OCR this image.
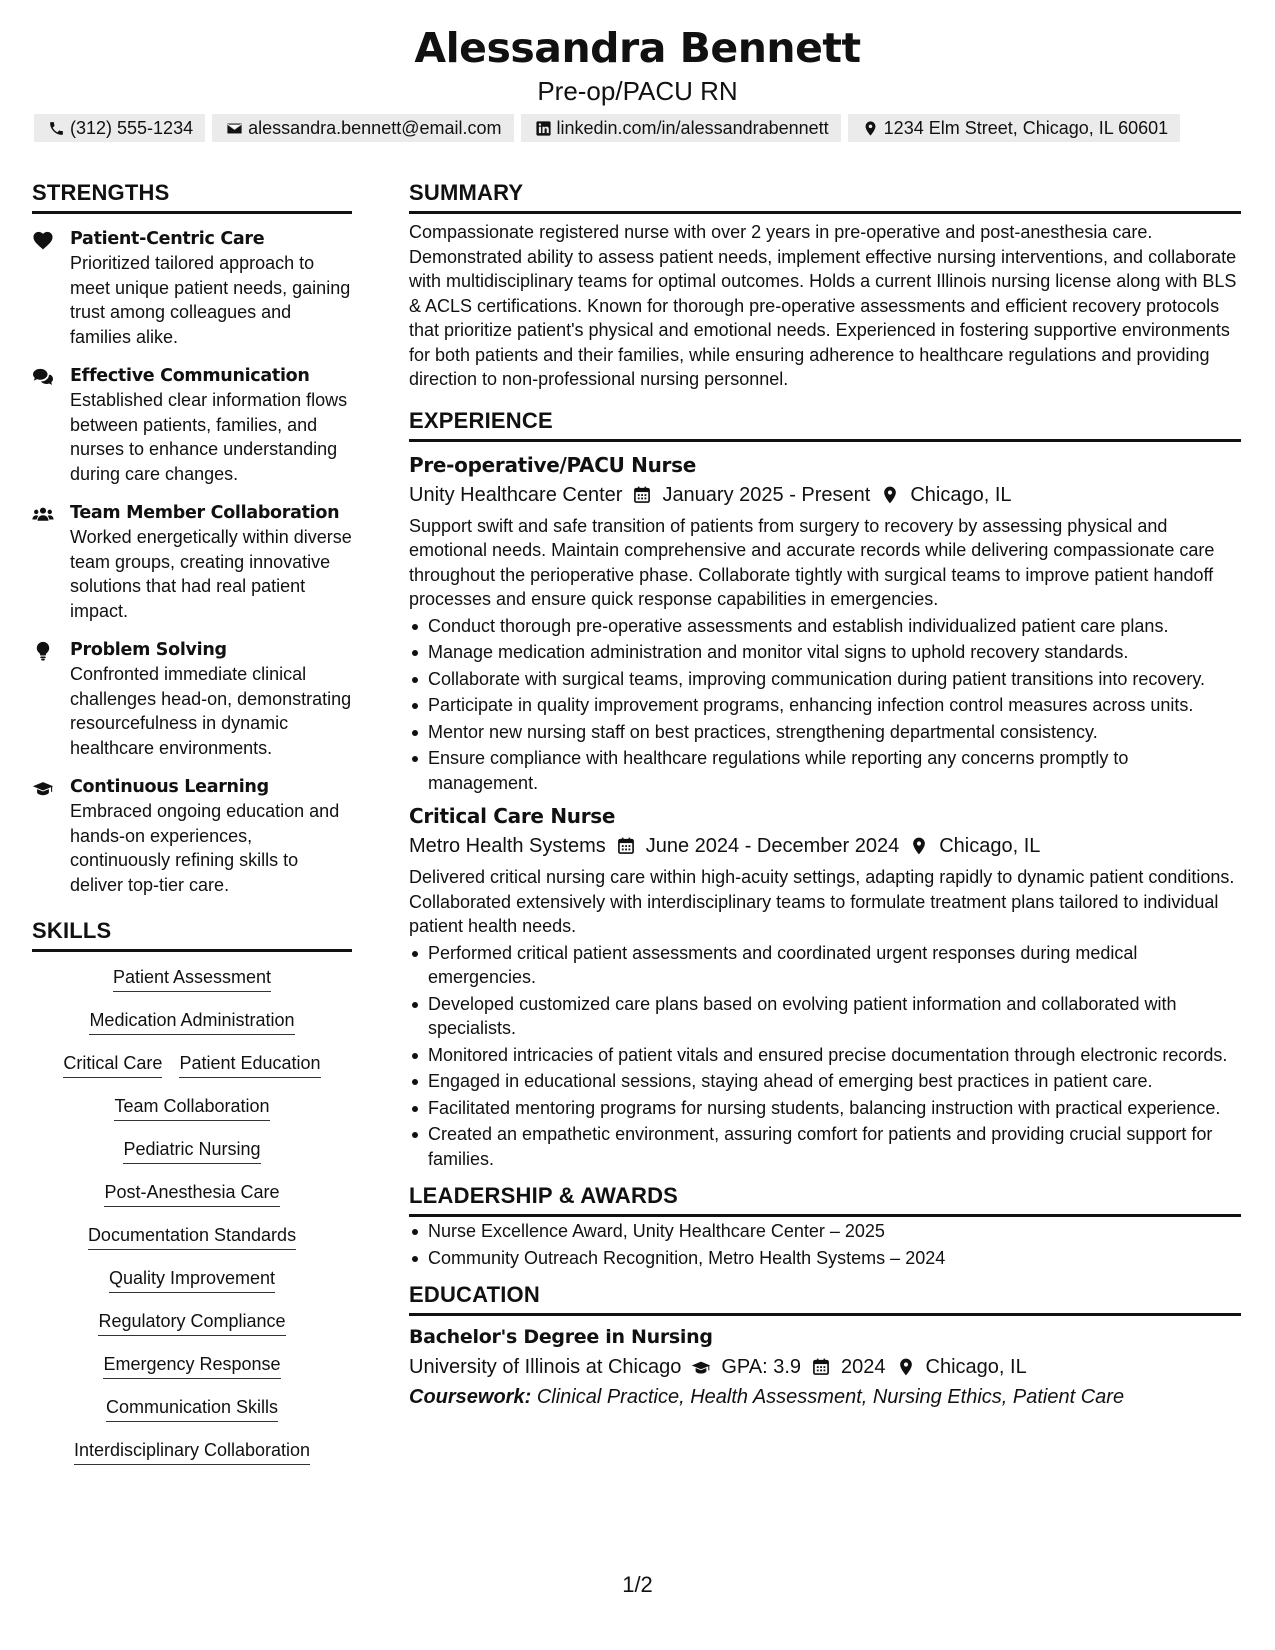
Alessandra Bennett
Pre-op/PACU RN
(312) 555-1234	alessandra.bennett@email.com	linkedin.com/in/alessandrabennett	1234 Elm Street, Chicago, IL 60601
STRENGTHS
Patient-Centric Care
Prioritized tailored approach to meet unique patient needs, gaining trust among colleagues and families alike.
Effective Communication
Established clear information flows between patients, families, and nurses to enhance understanding during care changes.
Team Member Collaboration
Worked energetically within diverse team groups, creating innovative solutions that had real patient impact.
Problem Solving
Confronted immediate clinical challenges head-on, demonstrating resourcefulness in dynamic healthcare environments.
Continuous Learning
Embraced ongoing education and hands-on experiences, continuously refining skills to deliver top-tier care.
SKILLS
Patient Assessment
Medication Administration
Critical Care Patient Education
Team Collaboration
Pediatric Nursing
Post-Anesthesia Care
Documentation Standards
Quality Improvement
Regulatory Compliance
Emergency Response
Communication Skills
Interdisciplinary Collaboration
SUMMARY
Compassionate registered nurse with over 2 years in pre-operative and post-anesthesia care. Demonstrated ability to assess patient needs, implement effective nursing interventions, and collaborate with multidisciplinary teams for optimal outcomes. Holds a current Illinois nursing license along with BLS & ACLS certifications. Known for thorough pre-operative assessments and efficient recovery protocols that prioritize patient's physical and emotional needs. Experienced in fostering supportive environments for both patients and their families, while ensuring adherence to healthcare regulations and providing direction to non-professional nursing personnel.
EXPERIENCE
Pre-operative/PACU Nurse
Unity Healthcare Center January 2025 - Present Chicago, IL
Support swift and safe transition of patients from surgery to recovery by assessing physical and emotional needs. Maintain comprehensive and accurate records while delivering compassionate care throughout the perioperative phase. Collaborate tightly with surgical teams to improve patient handoff processes and ensure quick response capabilities in emergencies.
Conduct thorough pre-operative assessments and establish individualized patient care plans.
Manage medication administration and monitor vital signs to uphold recovery standards.
Collaborate with surgical teams, improving communication during patient transitions into recovery.
Participate in quality improvement programs, enhancing infection control measures across units.
Mentor new nursing staff on best practices, strengthening departmental consistency.
Ensure compliance with healthcare regulations while reporting any concerns promptly to management.
Critical Care Nurse
Metro Health Systems June 2024 - December 2024 Chicago, IL
Delivered critical nursing care within high-acuity settings, adapting rapidly to dynamic patient conditions. Collaborated extensively with interdisciplinary teams to formulate treatment plans tailored to individual patient health needs.
Performed critical patient assessments and coordinated urgent responses during medical emergencies.
Developed customized care plans based on evolving patient information and collaborated with specialists.
Monitored intricacies of patient vitals and ensured precise documentation through electronic records.
Engaged in educational sessions, staying ahead of emerging best practices in patient care.
Facilitated mentoring programs for nursing students, balancing instruction with practical experience.
Created an empathetic environment, assuring comfort for patients and providing crucial support for families.
LEADERSHIP & AWARDS
Nurse Excellence Award, Unity Healthcare Center – 2025
Community Outreach Recognition, Metro Health Systems – 2024
EDUCATION
Bachelor's Degree in Nursing
University of Illinois at Chicago GPA: 3.9 2024 Chicago, IL
Coursework: Clinical Practice, Health Assessment, Nursing Ethics, Patient Care
1/2
